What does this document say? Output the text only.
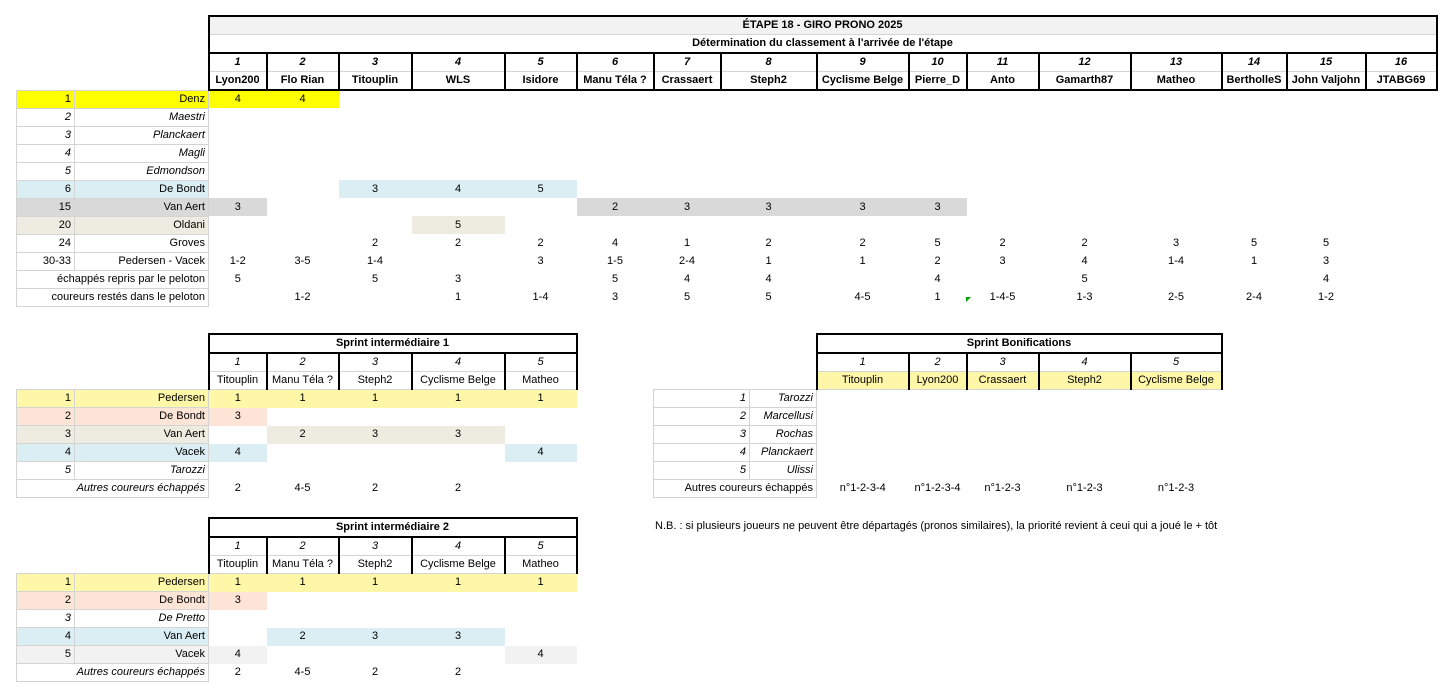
		ÉTAPE 18 - GIRO PRONO 2025															
		Détermination du classement à l'arrivée de l'étape															
		1	2	3	4	5	6	7	8	9	10	11	12	13	14	15	16
		Lyon200	Flo Rian	Titouplin	WLS	Isidore	Manu Téla ?	Crassaert	Steph2	Cyclisme Belge	Pierre_D	Anto	Gamarth87	Matheo	BertholleS	John Valjohn	JTABG69
1	Denz	4	4														
2	Maestri																
3	Planckaert																
4	Magli																
5	Edmondson																
6	De Bondt			3	4	5											
15	Van Aert	3					2	3	3	3	3						
20	Oldani				5												
24	Groves			2	2	2	4	1	2	2	5	2	2	3	5	5	
30-33	Pedersen - Vacek	1-2	3-5	1-4		3	1-5	2-4	1	1	2	3	4	1-4	1	3	
échappés repris par le peloton		5		5	3		5	4	4		4		5			4	
coureurs restés dans le peloton			1-2		1	1-4	3	5	5	4-5	1	1-4-5	1-3	2-5	2-4	1-2	
		Sprint intermédiaire 1				
		1	2	3	4	5
		Titouplin	Manu Téla ?	Steph2	Cyclisme Belge	Matheo
1	Pedersen	1	1	1	1	1
2	De Bondt	3				
3	Van Aert		2	3	3	
4	Vacek	4				4
5	Tarozzi					
Autres coureurs échappés		2	4-5	2	2	
		Sprint intermédiaire 2				
		1	2	3	4	5
		Titouplin	Manu Téla ?	Steph2	Cyclisme Belge	Matheo
1	Pedersen	1	1	1	1	1
2	De Bondt	3				
3	De Pretto					
4	Van Aert		2	3	3	
5	Vacek	4				4
Autres coureurs échappés		2	4-5	2	2	
		Sprint Bonifications				
		1	2	3	4	5
		Titouplin	Lyon200	Crassaert	Steph2	Cyclisme Belge
1	Tarozzi					
2	Marcellusi					
3	Rochas					
4	Planckaert					
5	Ulissi					
Autres coureurs échappés		n°1-2-3-4	n°1-2-3-4	n°1-2-3	n°1-2-3	n°1-2-3
N.B. : si plusieurs joueurs ne peuvent être départagés (pronos similaires), la priorité revient à ceui qui a joué le + tôt
